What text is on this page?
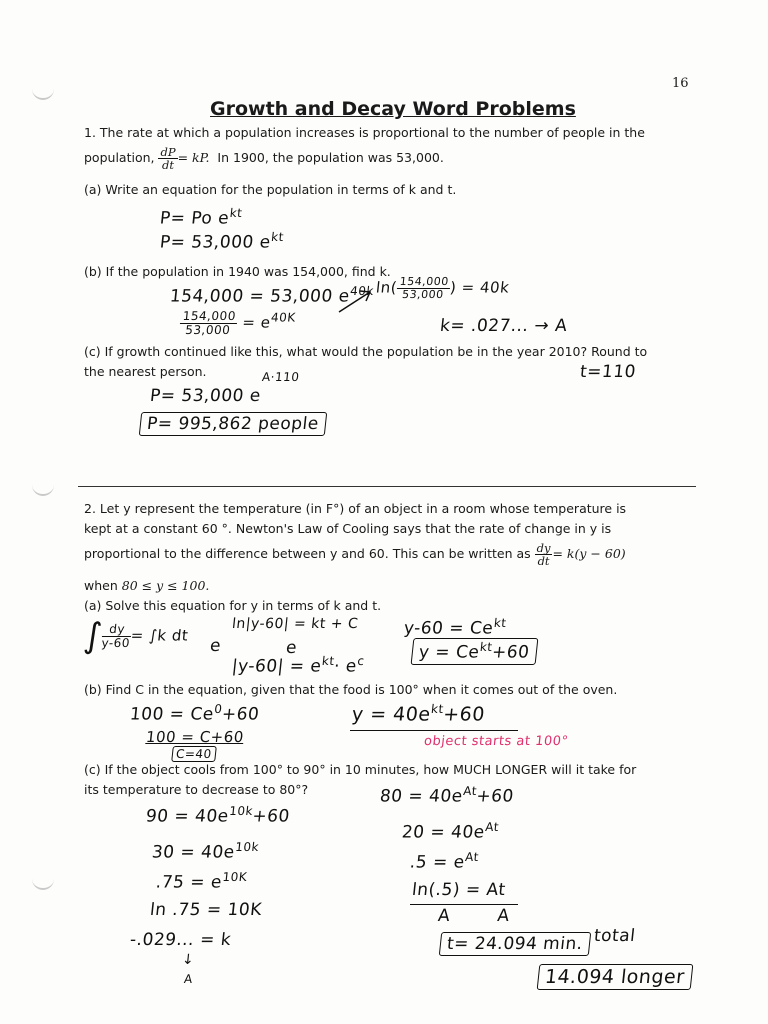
16
Growth and Decay Word Problems
1. The rate at which a population increases is proportional to the number of people in the
population, $\frac{dP}{dt}$ = kP. In 1900, the population was 53,000.
(a) Write an equation for the population in terms of k and t.
P= Po $e^{kt}$
P= 53,000 $e^{kt}$
(b) If the population in 1940 was 154,000, find k.
154,000 = 53,000 $e^{40k}$ ln(
$\frac{154,000}{53,000}$
) = 40k
$\frac{154,000}{53,000} = e^{40K}$	k= .027... → A
(c) If growth continued like this, what would the population be in the year 2010? Round to
the nearest person.	A·110	t=110
P= 53,000 e
P= 995,862 people
2. Let y represent the temperature (in F°) of an object in a room whose temperature is
kept at a constant 60 °. Newton's Law of Cooling says that the rate of change in y is
proportional to the difference between y and 60. This can be written as $\frac{dy}{dt} = k(y - 60)$
when 80 ≤ y ≤ 100.
(a) Solve this equation for y in terms of k and t.
∫
$\frac{dy}{y-60}$
= ∫k dt
ln|y-60| = kt + C
e	e
$|y-60| = e^{kt}\cdot e^c$
$y-60 = Ce^{kt}$
$y = Ce^{kt}+60$
(b) Find C in the equation, given that the food is 100° when it comes out of the oven.
$100 = Ce^0+60$
100 = C+60
C=40
$y = 40e^{kt}+60$
object starts at 100°
(c) If the object cools from 100° to 90° in 10 minutes, how MUCH LONGER will it take for
its temperature to decrease to 80°?
$90 = 40e^{10k}+60$
$30 = 40e^{10k}$
$.75 = e^{10K}$
ln .75 = 10K
-.029... = k
↓
A
$80 = 40e^{At}+60$
$20 = 40e^{At}$
$.5 = e^{At}$
ln(.5) = At
A        A
t= 24.094 min. total
14.094 longer
